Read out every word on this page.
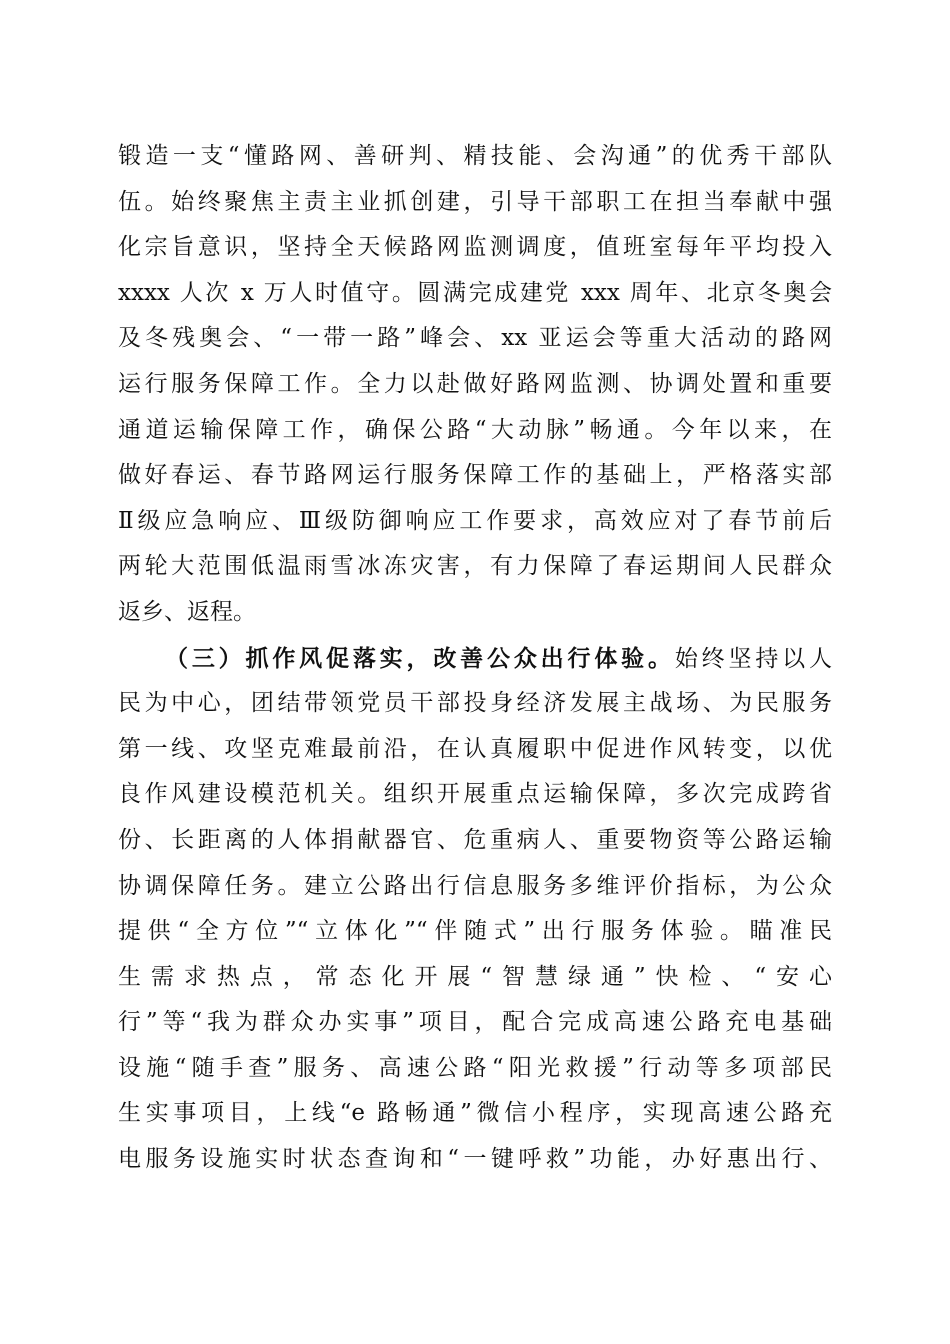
锻造一支“懂路网、善研判、精技能、会沟通”的优秀干部队
伍。始终聚焦主责主业抓创建，引导干部职工在担当奉献中强
化宗旨意识，坚持全天候路网监测调度，值班室每年平均投入
xxxx 人次 x 万人时值守。圆满完成建党 xxx 周年、北京冬奥会
及冬残奥会、“一带一路”峰会、xx 亚运会等重大活动的路网
运行服务保障工作。全力以赴做好路网监测、协调处置和重要
通道运输保障工作，确保公路“大动脉”畅通。今年以来，在
做好春运、春节路网运行服务保障工作的基础上，严格落实部
Ⅱ级应急响应、Ⅲ级防御响应工作要求，高效应对了春节前后
两轮大范围低温雨雪冰冻灾害，有力保障了春运期间人民群众
返乡、返程。
（三）抓作风促落实，改善公众出行体验。始终坚持以人
民为中心，团结带领党员干部投身经济发展主战场、为民服务
第一线、攻坚克难最前沿，在认真履职中促进作风转变，以优
良作风建设模范机关。组织开展重点运输保障，多次完成跨省
份、长距离的人体捐献器官、危重病人、重要物资等公路运输
协调保障任务。建立公路出行信息服务多维评价指标，为公众
提供“全方位”“立体化”“伴随式”出行服务体验。瞄准民
生需求热点，常态化开展“智慧绿通”快检、“安心
行”等“我为群众办实事”项目，配合完成高速公路充电基础
设施“随手查”服务、高速公路“阳光救援”行动等多项部民
生实事项目，上线“e 路畅通”微信小程序，实现高速公路充
电服务设施实时状态查询和“一键呼救”功能，办好惠出行、
